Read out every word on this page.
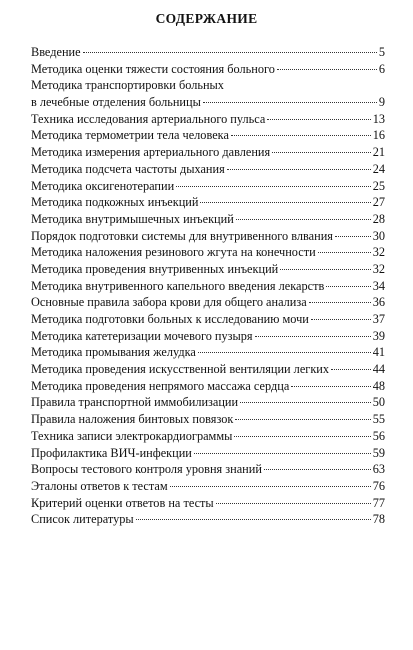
СОДЕРЖАНИЕ
Введение	5
Методика оценки тяжести состояния больного	6
Методика транспортировки больных
в лечебные отделения больницы	9
Техника исследования артериального пульса	13
Методика термометрии тела человека	16
Методика измерения артериального давления	21
Методика подсчета частоты дыхания	24
Методика оксигенотерапии	25
Методика подкожных инъекций	27
Методика внутримышечных инъекций	28
Порядок подготовки системы для внутривенного влвания	30
Методика наложения резинового жгута на конечности	32
Методика проведения внутривенных инъекций	32
Методика внутривенного капельного введения лекарств	34
Основные правила забора крови для общего анализа	36
Методика подготовки больных к исследованию мочи	37
Методика катетеризации мочевого пузыря	39
Методика промывания желудка	41
Методика проведения искусственной вентиляции легких	44
Методика проведения непрямого массажа сердца	48
Правила транспортной иммобилизации	50
Правила наложения бинтовых повязок	55
Техника записи электрокардиограммы	56
Профилактика ВИЧ-инфекции	59
Вопросы тестового контроля уровня знаний	63
Эталоны ответов к тестам	76
Критерий оценки ответов на тесты	77
Список литературы	78
